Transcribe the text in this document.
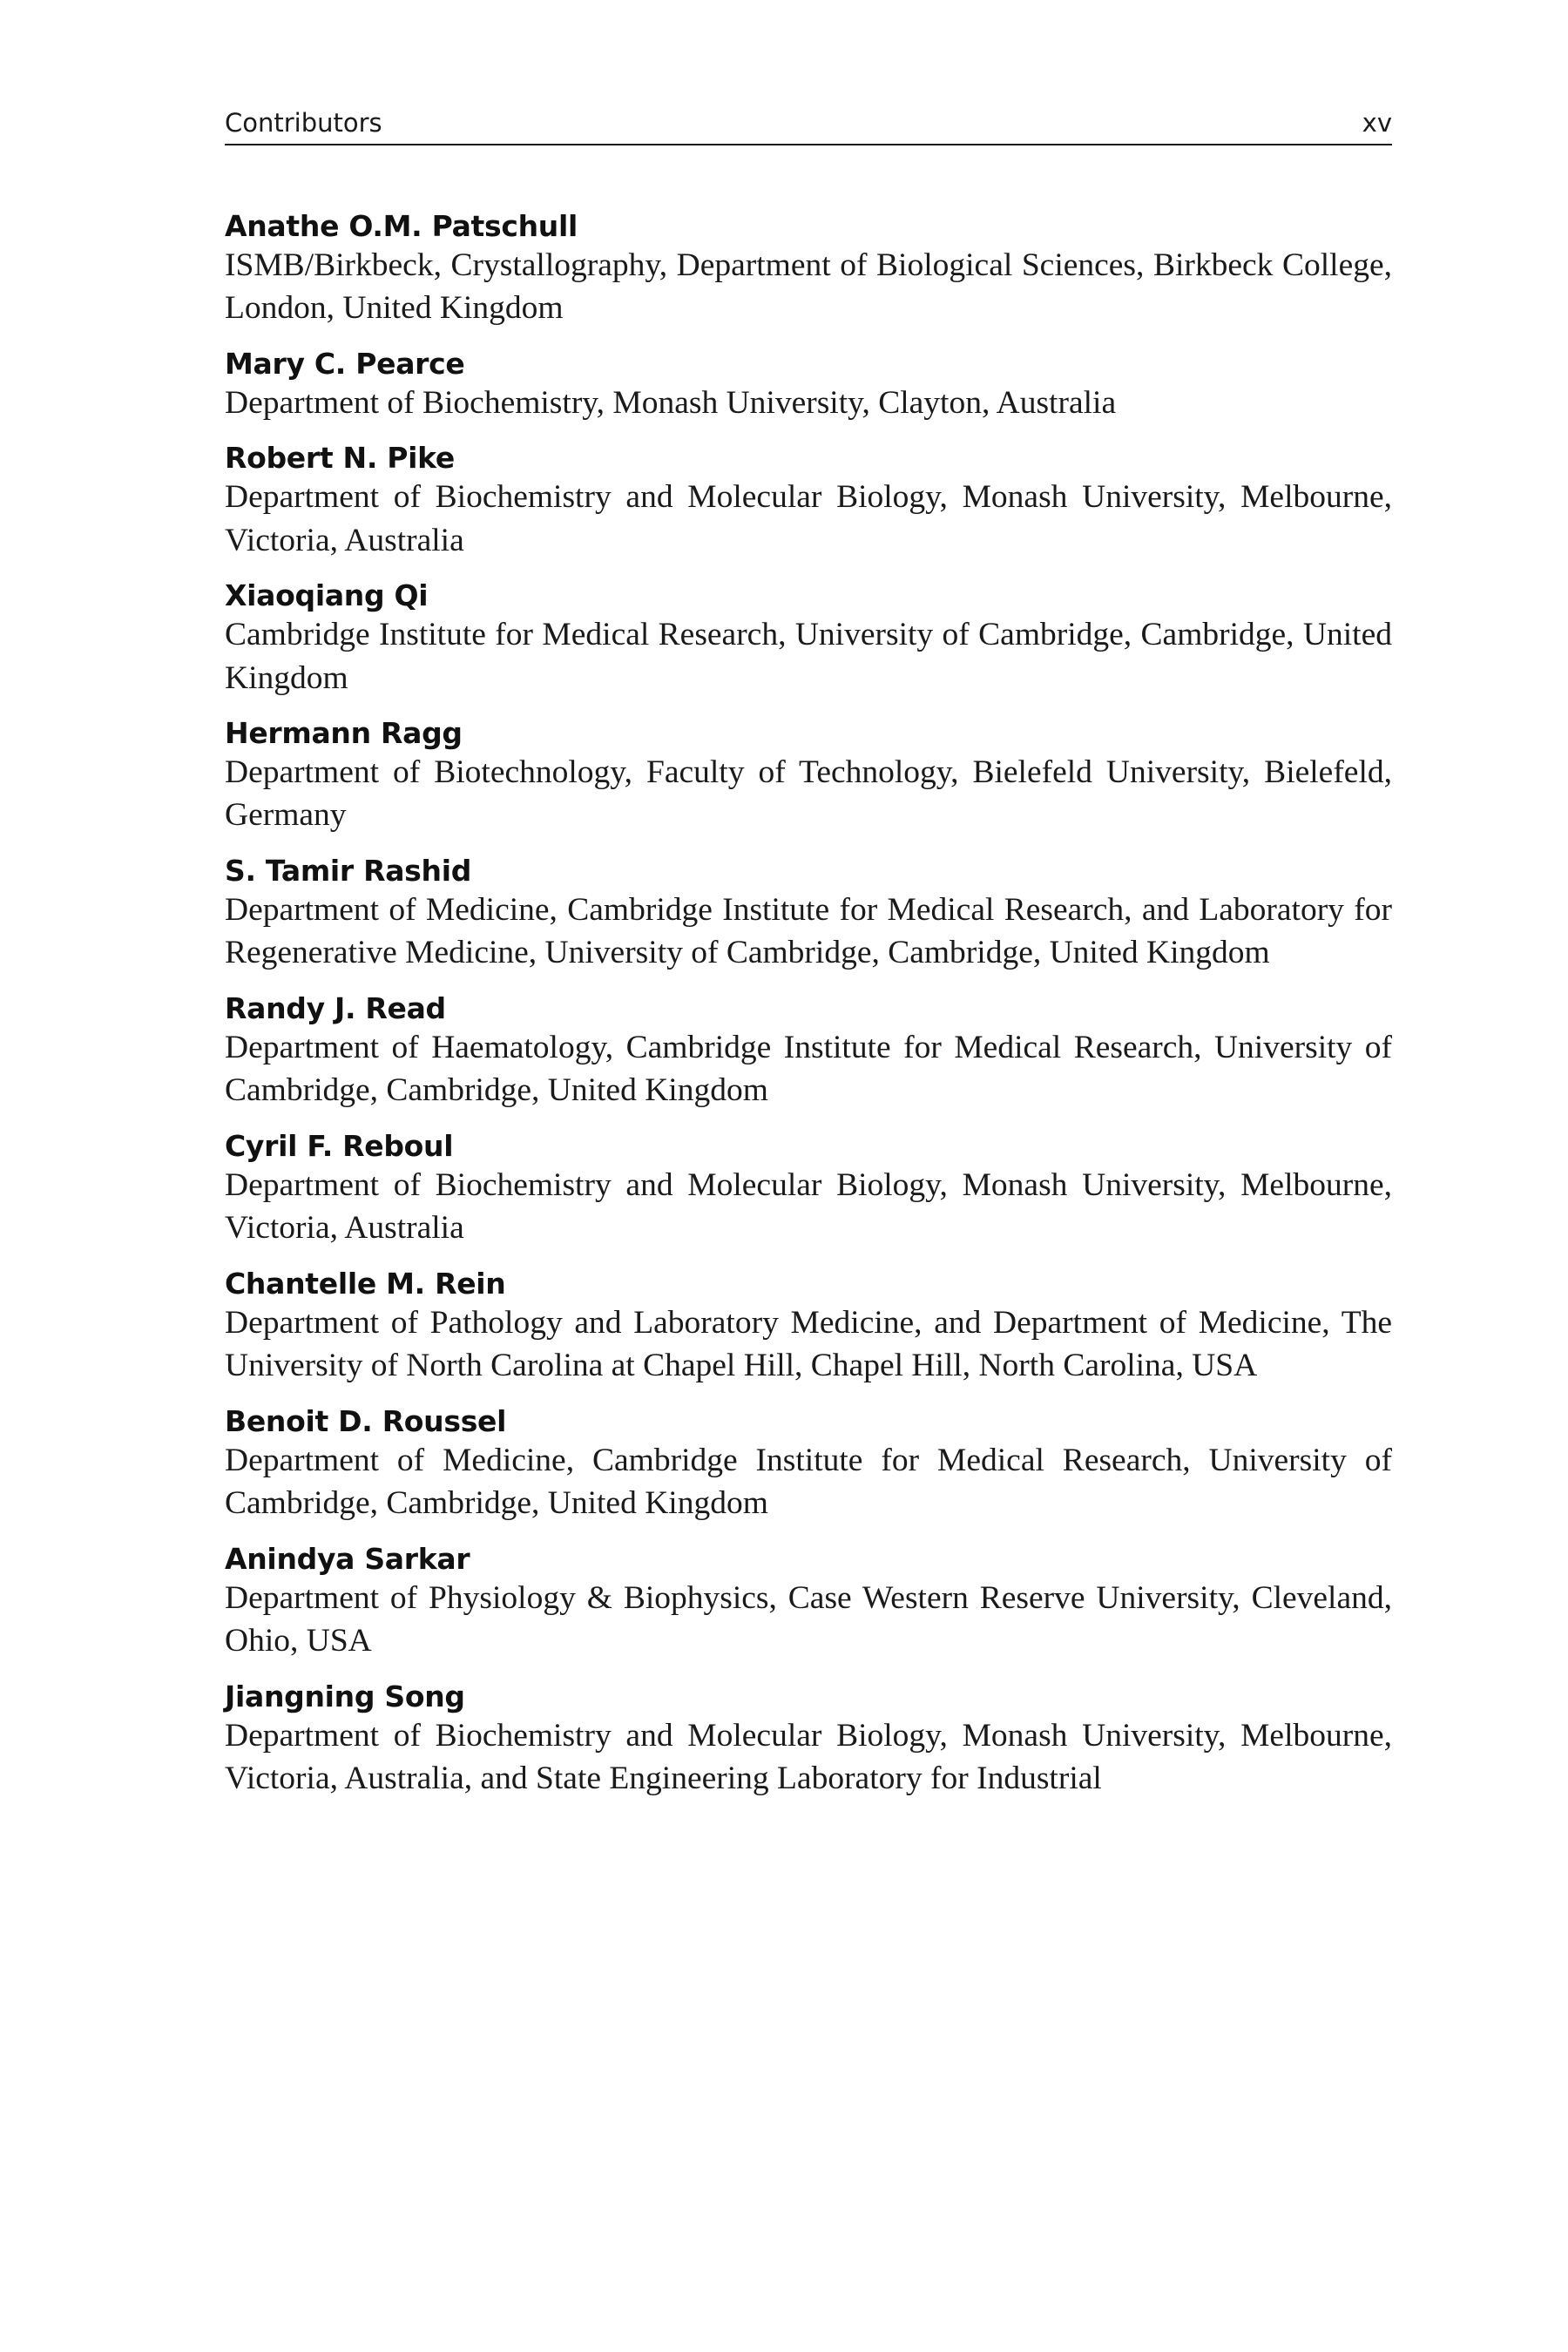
Contributors	xv
Anathe O.M. Patschull
ISMB/Birkbeck, Crystallography, Department of Biological Sciences, Birkbeck College, London, United Kingdom
Mary C. Pearce
Department of Biochemistry, Monash University, Clayton, Australia
Robert N. Pike
Department of Biochemistry and Molecular Biology, Monash University, Melbourne, Victoria, Australia
Xiaoqiang Qi
Cambridge Institute for Medical Research, University of Cambridge, Cambridge, United Kingdom
Hermann Ragg
Department of Biotechnology, Faculty of Technology, Bielefeld University, Bielefeld, Germany
S. Tamir Rashid
Department of Medicine, Cambridge Institute for Medical Research, and Laboratory for Regenerative Medicine, University of Cambridge, Cambridge, United Kingdom
Randy J. Read
Department of Haematology, Cambridge Institute for Medical Research, University of Cambridge, Cambridge, United Kingdom
Cyril F. Reboul
Department of Biochemistry and Molecular Biology, Monash University, Melbourne, Victoria, Australia
Chantelle M. Rein
Department of Pathology and Laboratory Medicine, and Department of Medicine, The University of North Carolina at Chapel Hill, Chapel Hill, North Carolina, USA
Benoit D. Roussel
Department of Medicine, Cambridge Institute for Medical Research, University of Cambridge, Cambridge, United Kingdom
Anindya Sarkar
Department of Physiology & Biophysics, Case Western Reserve University, Cleveland, Ohio, USA
Jiangning Song
Department of Biochemistry and Molecular Biology, Monash University, Melbourne, Victoria, Australia, and State Engineering Laboratory for Industrial
